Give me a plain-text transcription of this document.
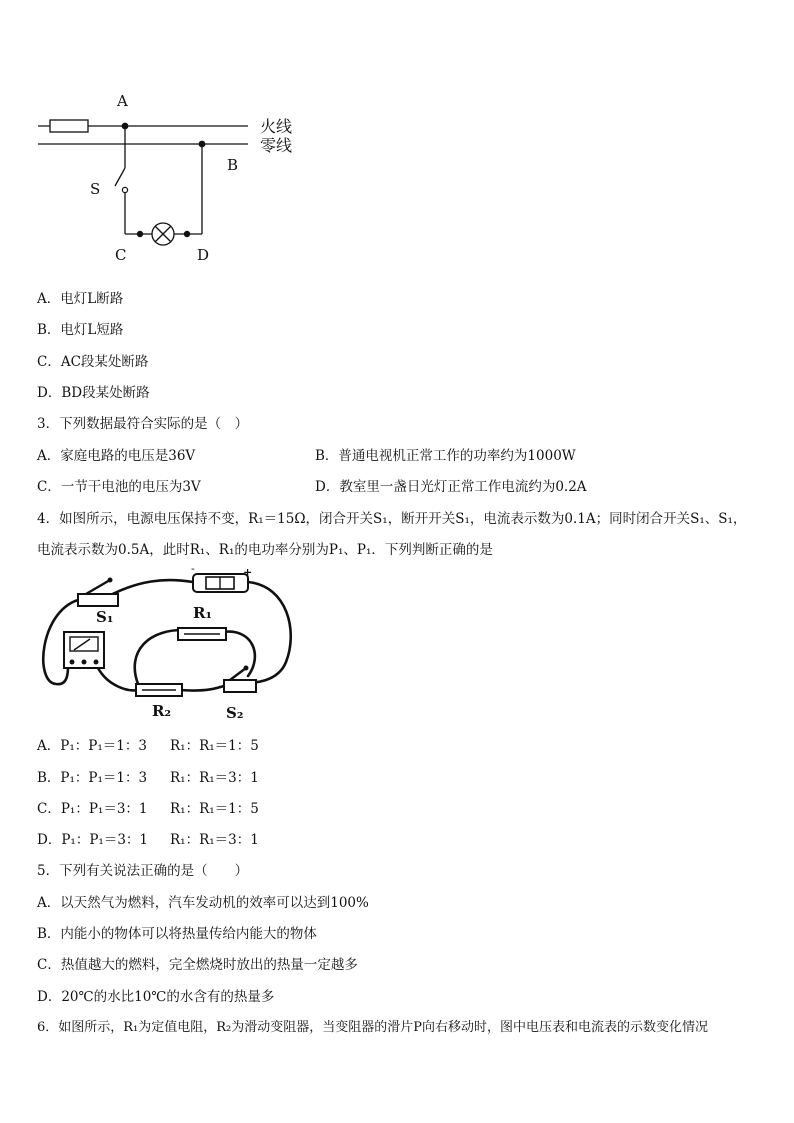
A
B
C	D
S
火线
零线
A．电灯L断路
B．电灯L短路
C．AC段某处断路
D．BD段某处断路
3．下列数据最符合实际的是（　）
A．家庭电路的电压是36V	B．普通电视机正常工作的功率约为1000W
C．一节干电池的电压为3V	D．教室里一盏日光灯正常工作电流约为0.2A
4．如图所示，电源电压保持不变，R₁＝15Ω，闭合开关S₁，断开开关S₁，电流表示数为0.1A；同时闭合开关S₁、S₁，
电流表示数为0.5A，此时R₁、R₁的电功率分别为P₁、P₁．下列判断正确的是
-	+
S₁	R₁
R₂	S₂
A．P₁：P₁＝1：3 R₁：R₁＝1：5
B．P₁：P₁＝1：3 R₁：R₁＝3：1
C．P₁：P₁＝3：1 R₁：R₁＝1：5
D．P₁：P₁＝3：1 R₁：R₁＝3：1
5．下列有关说法正确的是（　　）
A．以天然气为燃料，汽车发动机的效率可以达到100%
B．内能小的物体可以将热量传给内能大的物体
C．热值越大的燃料，完全燃烧时放出的热量一定越多
D．20℃的水比10℃的水含有的热量多
6．如图所示，R₁为定值电阻，R₂为滑动变阻器，当变阻器的滑片P向右移动时，图中电压表和电流表的示数变化情况
